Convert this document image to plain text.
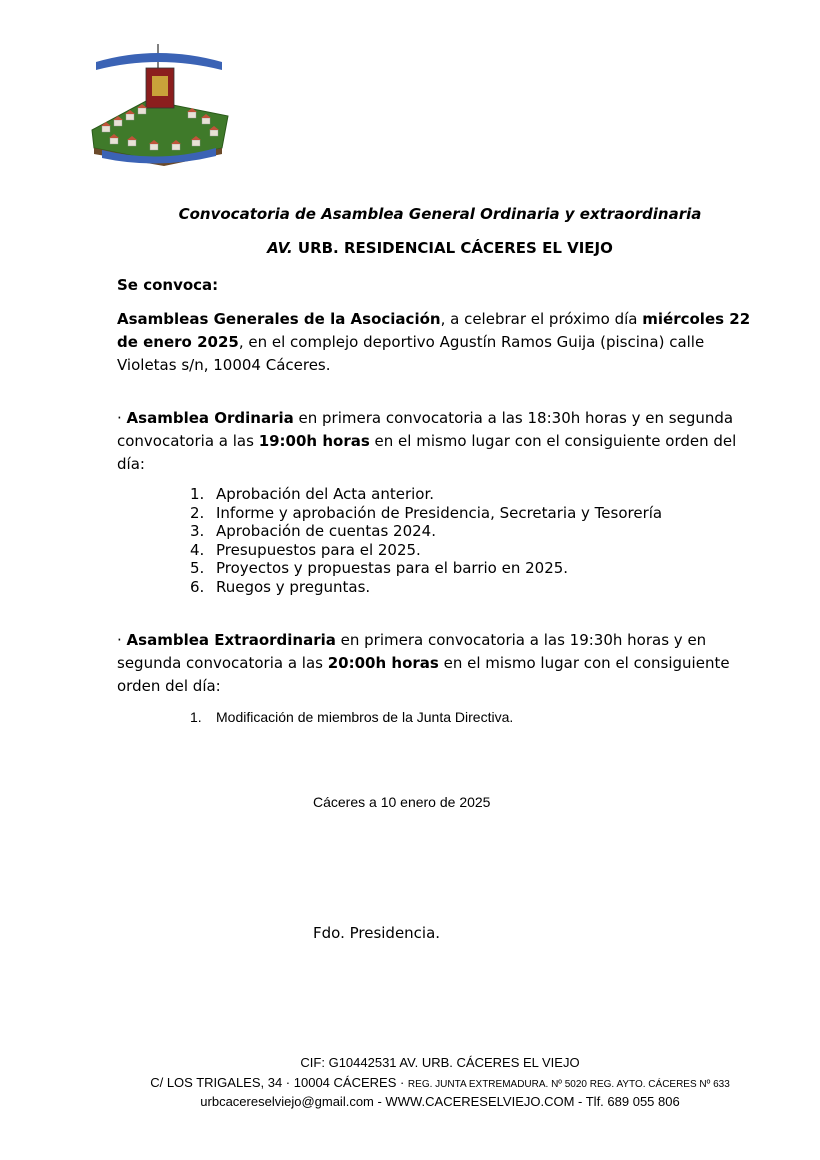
Convocatoria de Asamblea General Ordinaria y extraordinaria
AV. URB. RESIDENCIAL CÁCERES EL VIEJO
Se convoca:
Asambleas Generales de la Asociación, a celebrar el próximo día miércoles 22 de enero 2025, en el complejo deportivo Agustín Ramos Guija (piscina) calle Violetas s/n, 10004 Cáceres.
· Asamblea Ordinaria en primera convocatoria a las 18:30h horas y en segunda convocatoria a las 19:00h horas en el mismo lugar con el consiguiente orden del día:
1. Aprobación del Acta anterior.
2. Informe y aprobación de Presidencia, Secretaria y Tesorería
3. Aprobación de cuentas 2024.
4. Presupuestos para el 2025.
5. Proyectos y propuestas para el barrio en 2025.
6. Ruegos y preguntas.
· Asamblea Extraordinaria en primera convocatoria a las 19:30h horas y en segunda convocatoria a las 20:00h horas en el mismo lugar con el consiguiente orden del día:
1. Modificación de miembros de la Junta Directiva.
Cáceres a 10 enero de 2025
Fdo. Presidencia.
CIF: G10442531 AV. URB. CÁCERES EL VIEJO
C/ LOS TRIGALES, 34 · 10004 CÁCERES · REG. JUNTA EXTREMADURA. Nº 5020 REG. AYTO. CÁCERES Nº 633
urbcacereselviejo@gmail.com - WWW.CACERESELVIEJO.COM - Tlf. 689 055 806
